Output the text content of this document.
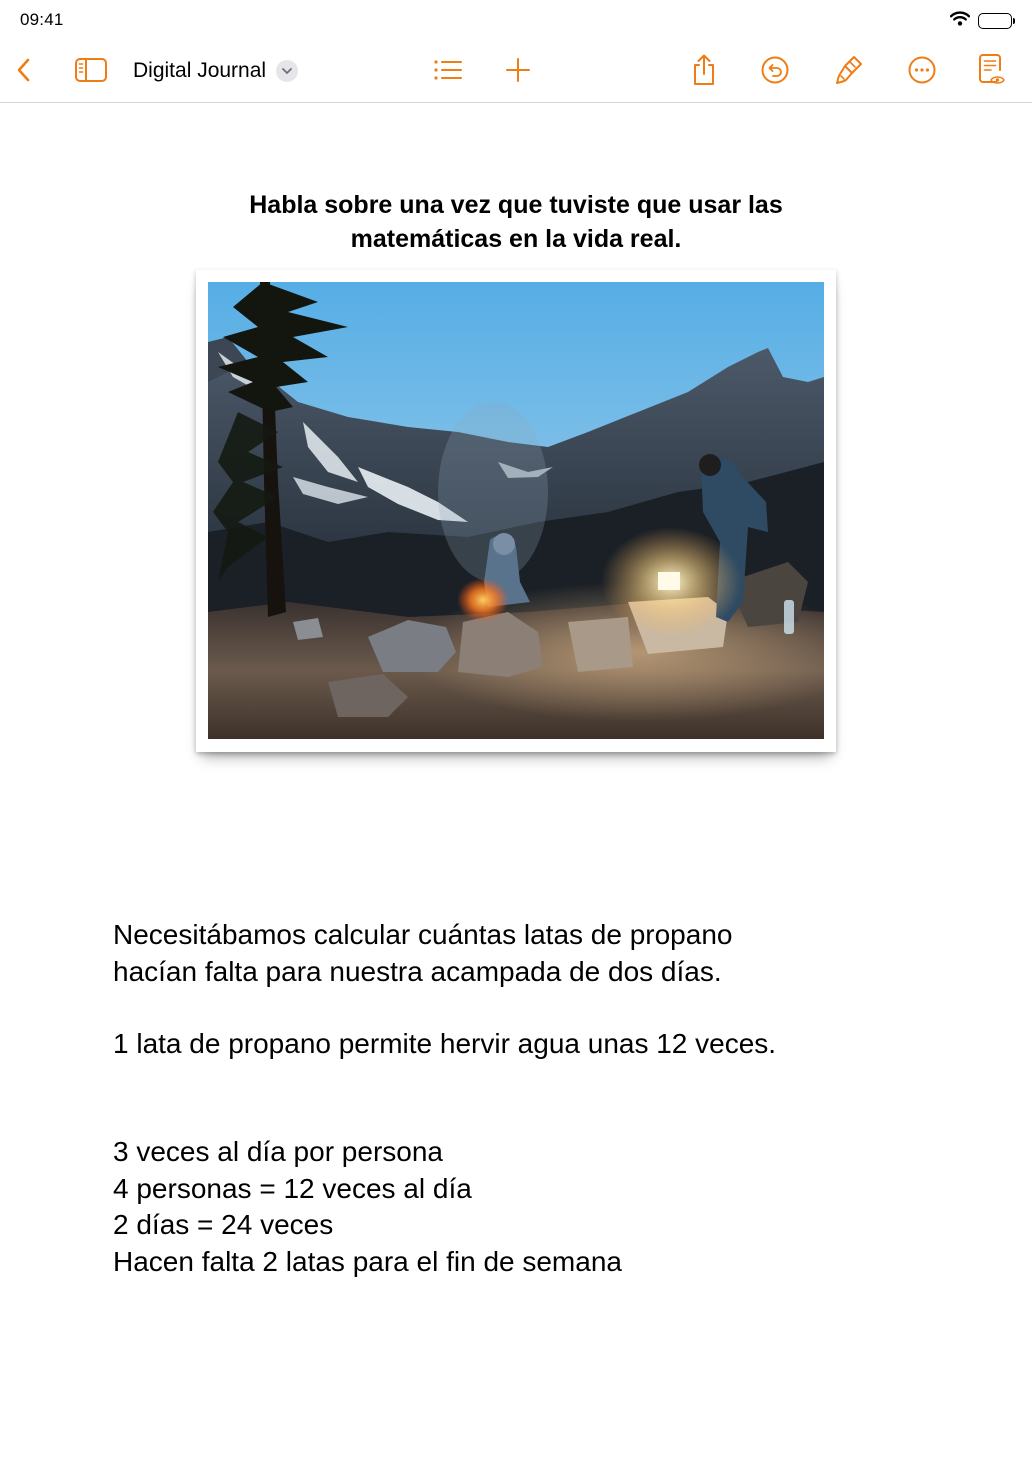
09:41
Digital Journal
Habla sobre una vez que tuviste que usar las
matemáticas en la vida real.
Necesitábamos calcular cuántas latas de propano
hacían falta para nuestra acampada de dos días.
1 lata de propano permite hervir agua unas 12 veces.
3 veces al día por persona
4 personas = 12 veces al día
2 días = 24 veces
Hacen falta 2 latas para el fin de semana
